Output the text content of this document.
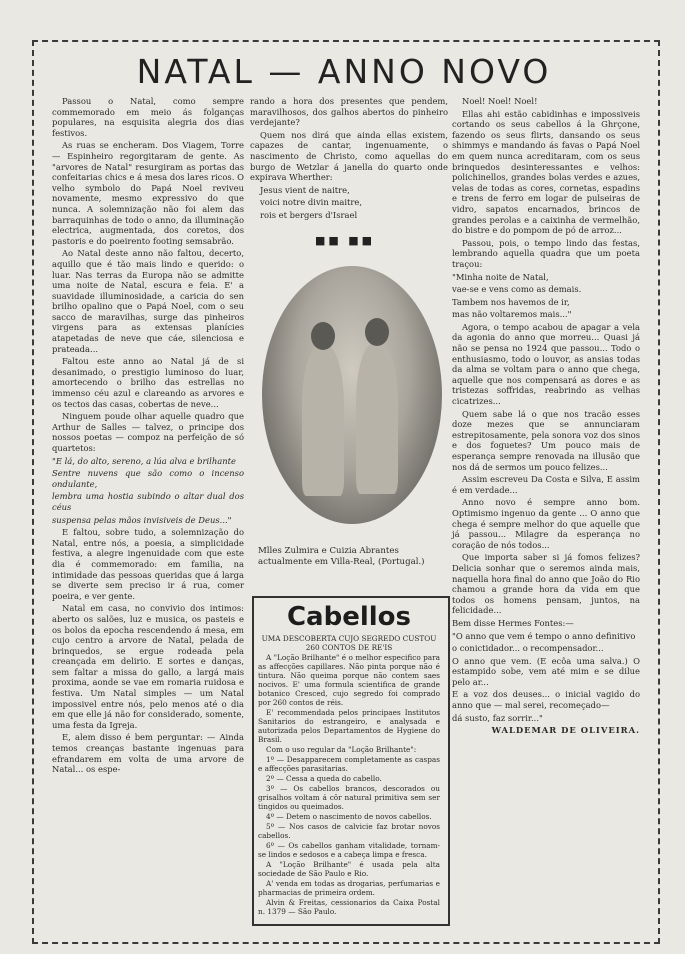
NATAL — ANNO NOVO

Passou o Natal, como sempre commemorado em meio ás folganças populares, na esquisita alegria dos dias festivos.

As ruas se encheram. Dos Viagem, Torre — Espinheiro regorgitaram de gente. As "arvores de Natal" resurgiram as portas das confeitarias chics e á mesa dos lares ricos. O velho symbolo do Papá Noel reviveu novamente, mesmo expressivo do que nunca. A solemnização não foi alem das barraquinhas de todo o anno, da illuminação electrica, augmentada, dos coretos, dos pastoris e do poeirento footing semsabrão.

Ao Natal deste anno não faltou, decerto, aquillo que é tão mais lindo e querido: o luar. Nas terras da Europa não se admitte uma noite de Natal, escura e feia. E' a suavidade illuminosidade, a caricia do sen brilho opalino que o Papá Noel, com o seu sacco de maravilhas, surge das pinheiros virgens para as extensas planícies atapetadas de neve que cáe, silenciosa e prateada...

Faltou este anno ao Natal já de si desanimado, o prestigio luminoso do luar, amortecendo o brilho das estrellas no immenso céu azul e clareando as arvores e os tectos das casas, cobertas de neve...

Ninguem poude olhar aquelle quadro que Arthur de Salles — talvez, o principe dos nossos poetas — compoz na perfeição de só quartetos:

"E lá, do alto, sereno, a lúa alva e brilhante

Sentre nuvens que são como o incenso ondulante,

lembra uma hostia subindo o altar dual dos céus

suspensa pelas mãos invisiveis de Deus..."

E faltou, sobre tudo, a solemnização do Natal, entre nós, a poesia, a simplicidade festiva, a alegre ingenuidade com que este dia é commemorado: em familia, na intimidade das pessoas queridas que á larga se diverte sem preciso ir á rua, comer poeira, e ver gente.

Natal em casa, no convivio dos intimos: aberto os salões, luz e musica, os pasteis e os bolos da epocha rescendendo á mesa, em cujo centro a arvore de Natal, pelada de brinquedos, se ergue rodeada pela creançada em delirio. E sortes e danças, sem faltar a missa do gallo, a largá mais proxima, aonde se vae em romaria ruidosa e festiva. Um Natal simples — um Natal impossivel entre nós, pelo menos até o dia em que elle já não for considerado, somente, uma festa da Igreja.

E, alem disso é bem perguntar: — Ainda temos creanças bastante ingenuas para efrandarem em volta de uma arvore de Natal... os espe-

rando a hora dos presentes que pendem, maravilhosos, dos galhos abertos do pinheiro verdejante?

Quem nos dirá que ainda ellas existem, capazes de cantar, ingenuamente, o nascimento de Christo, como aquellas do burgo de Wetzlar á janella do quarto onde expirava Wherther:

Jesus vient de naitre,

voici notre divin maitre,

rois et bergers d'Israel

■■ ■■
Mlles Zulmira e Cuizia Abrantes actualmente em Villa-Real, (Portugal.)
Cabellos

UMA DESCOBERTA CUJO SEGREDO CUSTOU 260 CONTOS DE RE'IS

A "Loção Brilhante" é o melhor especifico para as affecções capillares. Não pinta porque não é tintura. Não queima porque não contem saes nocivos. E' uma formula scientifica de grande botanico Cresced, cujo segredo foi comprado por 260 contos de réis.

E' recommendada pelos principaes Institutos Sanitarios do estrangeiro, e analysada e autorizada pelos Departamentos de Hygiene do Brasil.

Com o uso regular da "Loção Brilhante":

1º — Desapparecem completamente as caspas e affecções parasitarias.

2º — Cessa a queda do cabello.

3º — Os cabellos brancos, descorados ou grisalhos voltam á côr natural primitiva sem ser tingidos ou queimados.

4º — Detem o nascimento de novos cabellos.

5º — Nos casos de calvicie faz brotar novos cabellos.

6º — Os cabellos ganham vitalidade, tornam-se lindos e sedosos e a cabeça limpa e fresca.

A "Loção Brilhante" é usada pela alta sociedade de São Paulo e Rio.

A' venda em todas as drogarias, perfumarias e pharmacias de primeira ordem.

Alvin & Freitas, cessionarios da Caixa Postal n. 1379 — São Paulo.

Noel! Noel! Noel!

Ellas ahi estão cabidinhas e impossiveis cortando os seus cabellos á la Ghrçone, fazendo os seus flirts, dansando os seus shimmys e mandando ás favas o Papá Noel em quem nunca acreditaram, com os seus brinquedos desinteressantes e velhos: polichinellos, grandes bolas verdes e azues, velas de todas as cores, cornetas, espadins e trens de ferro em logar de pulseiras de vidro, sapatos encarnados, brincos de grandes perolas e a caixinha de vermelhão, do bistre e do pompom de pó de arroz...

Passou, pois, o tempo lindo das festas, lembrando aquella quadra que um poeta traçou:

"Minha noite de Natal,

vae-se e vens como as demais.

Tambem nos havemos de ir,

mas não voltaremos mais..."

Agora, o tempo acabou de apagar a vela da agonia do anno que morreu... Quasi já não se pensa no 1924 que passou... Todo o enthusiasmo, todo o louvor, as ansias todas da alma se voltam para o anno que chega, aquelle que nos compensará as dores e as tristezas soffridas, reabrindo as velhas cicatrizes...

Quem sabe lá o que nos tracão esses doze mezes que se annunciaram estrepitosamente, pela sonora voz dos sinos e dos foguetes? Um pouco mais de esperança sempre renovada na illusão que nos dá de sermos um pouco felizes...

Assim escreveu Da Costa e Silva, E assim é em verdade...

Anno novo é sempre anno bom. Optimismo ingenuo da gente ... O anno que chega é sempre melhor do que aquelle que já passou... Milagre da esperança no coração de nós todos...

Que importa saber si já fomos felizes? Delicia sonhar que o seremos ainda mais, naquella hora final do anno que João do Rio chamou a grande hora da vida em que todos os homens pensam, juntos, na felicidade...

Bem disse Hermes Fontes:—

"O anno que vem é tempo o anno definitivo

o conictidador... o recompensador...

O anno que vem. (E ecôa uma salva.) O estampido sobe, vem até mim e se dilue pelo ar...

E a voz dos deuses... o inicial vagido do anno que — mal serei, recomeçado—

dá susto, faz sorrir..."

WALDEMAR DE OLIVEIRA.
